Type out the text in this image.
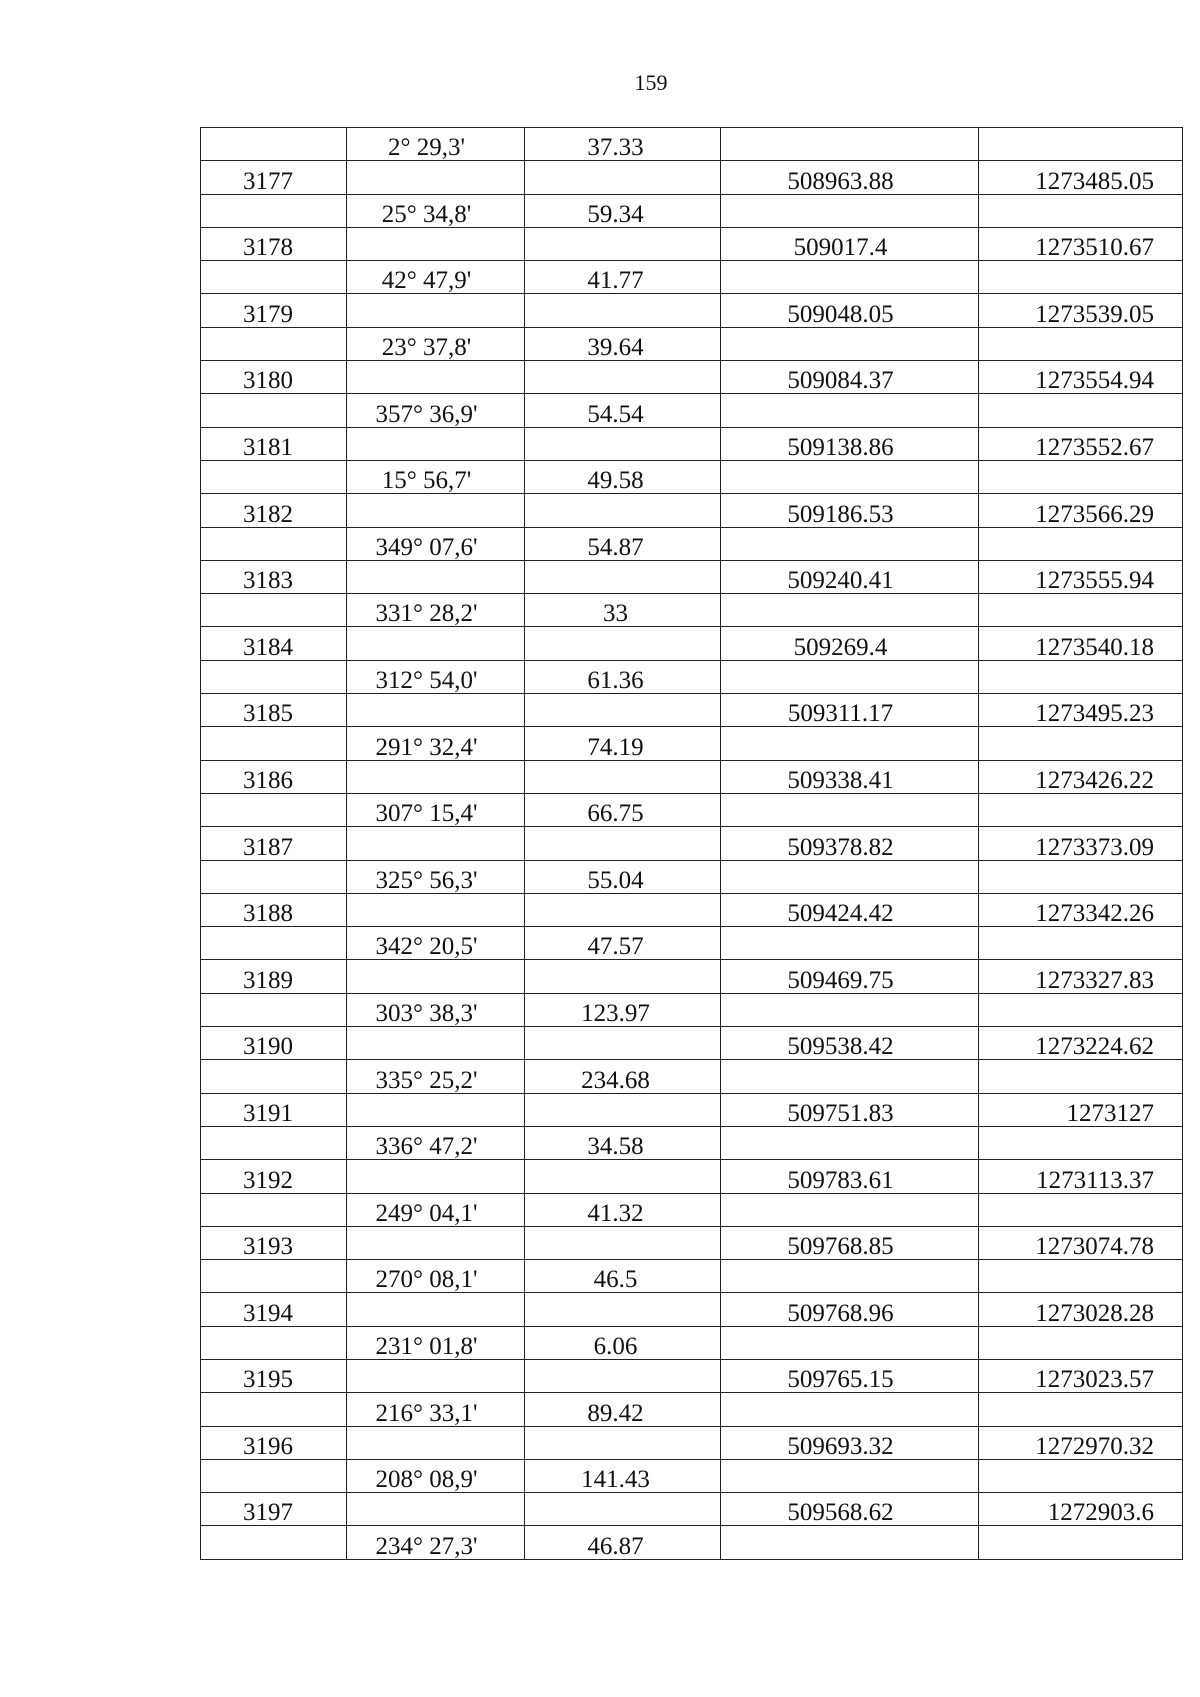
159
	2° 29,3'	37.33		
3177			508963.88	1273485.05
	25° 34,8'	59.34		
3178			509017.4	1273510.67
	42° 47,9'	41.77		
3179			509048.05	1273539.05
	23° 37,8'	39.64		
3180			509084.37	1273554.94
	357° 36,9'	54.54		
3181			509138.86	1273552.67
	15° 56,7'	49.58		
3182			509186.53	1273566.29
	349° 07,6'	54.87		
3183			509240.41	1273555.94
	331° 28,2'	33		
3184			509269.4	1273540.18
	312° 54,0'	61.36		
3185			509311.17	1273495.23
	291° 32,4'	74.19		
3186			509338.41	1273426.22
	307° 15,4'	66.75		
3187			509378.82	1273373.09
	325° 56,3'	55.04		
3188			509424.42	1273342.26
	342° 20,5'	47.57		
3189			509469.75	1273327.83
	303° 38,3'	123.97		
3190			509538.42	1273224.62
	335° 25,2'	234.68		
3191			509751.83	1273127
	336° 47,2'	34.58		
3192			509783.61	1273113.37
	249° 04,1'	41.32		
3193			509768.85	1273074.78
	270° 08,1'	46.5		
3194			509768.96	1273028.28
	231° 01,8'	6.06		
3195			509765.15	1273023.57
	216° 33,1'	89.42		
3196			509693.32	1272970.32
	208° 08,9'	141.43		
3197			509568.62	1272903.6
	234° 27,3'	46.87		
